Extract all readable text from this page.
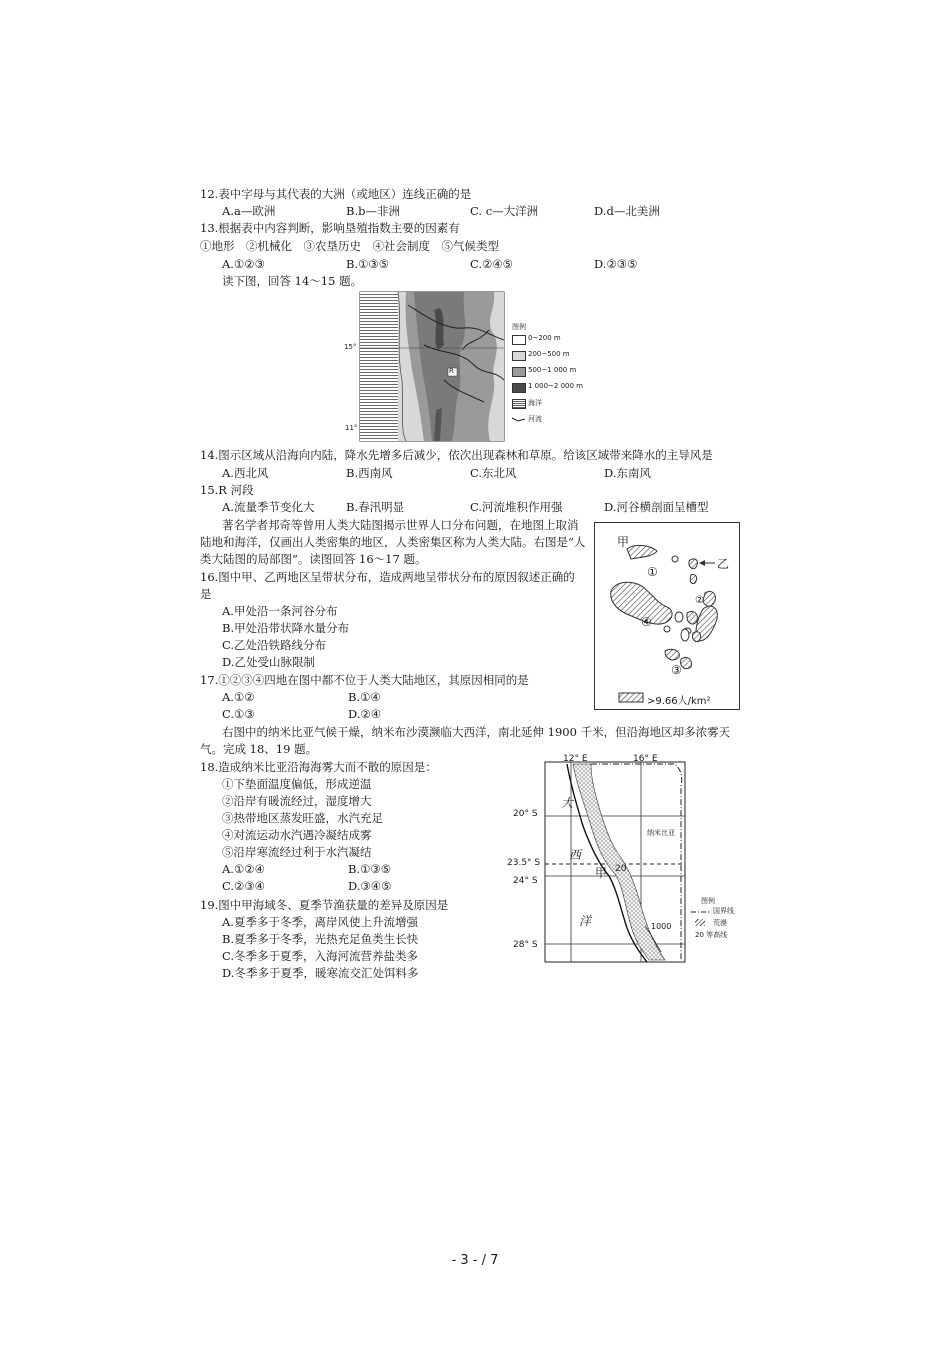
12.表中字母与其代表的大洲（或地区）连线正确的是
A.a—欧洲	B.b—非洲	C. c—大洋洲	D.d—北美洲
13.根据表中内容判断，影响垦殖指数主要的因素有
①地形　②机械化　③农垦历史　④社会制度　⑤气候类型
A.①②③	B.①③⑤	C.②④⑤	D.②③⑤
读下图，回答 14～15 题。
15°
11°
R
图例
0~200 m
200~500 m
500~1 000 m
1 000~2 000 m
海洋
河流
14.图示区域从沿海向内陆，降水先增多后减少，依次出现森林和草原。给该区域带来降水的主导风是
A.西北风	B.西南风	C.东北风	D.东南风
15.R 河段
A.流量季节变化大	B.春汛明显	C.河流堆积作用强	D.河谷横剖面呈槽型
著名学者邦奇等曾用人类大陆图揭示世界人口分布问题，在地图上取消
陆地和海洋，仅画出人类密集的地区，人类密集区称为人类大陆。右图是“人
类大陆图的局部图”。读图回答 16～17 题。
16.图中甲、乙两地区呈带状分布，造成两地呈带状分布的原因叙述正确的
是
A.甲处沿一条河谷分布
B.甲处沿带状降水量分布
C.乙处沿铁路线分布
D.乙处受山脉限制
甲
乙
①
②
③
④
>9.66人/km²
17.①②③④四地在图中都不位于人类大陆地区，其原因相同的是
A.①②	B.①④
C.①③	D.②④
右图中的纳米比亚气候干燥，纳米布沙漠濒临大西洋，南北延伸 1900 千米，但沿海地区却多浓雾天
气。完成 18、19 题。
18.造成纳米比亚沿海海雾大而不散的原因是：
①下垫面温度偏低，形成逆温
②沿岸有暖流经过，湿度增大
③热带地区蒸发旺盛，水汽充足
④对流运动水汽遇冷凝结成雾
⑤沿岸寒流经过利于水汽凝结
A.①②④	B.①③⑤
C.②③④	D.③④⑤
12° E	16° E
20° S
23.5° S
24° S
28° S
大
西
洋
纳米比亚
甲 20
1000
图例
国界线
荒漠
20 等高线
19.图中甲海域冬、夏季节渔获量的差异及原因是
A.夏季多于冬季，离岸风使上升流增强
B.夏季多于冬季，光热充足鱼类生长快
C.冬季多于夏季，入海河流营养盐类多
D.冬季多于夏季，暖寒流交汇处饵料多
- 3 - / 7
